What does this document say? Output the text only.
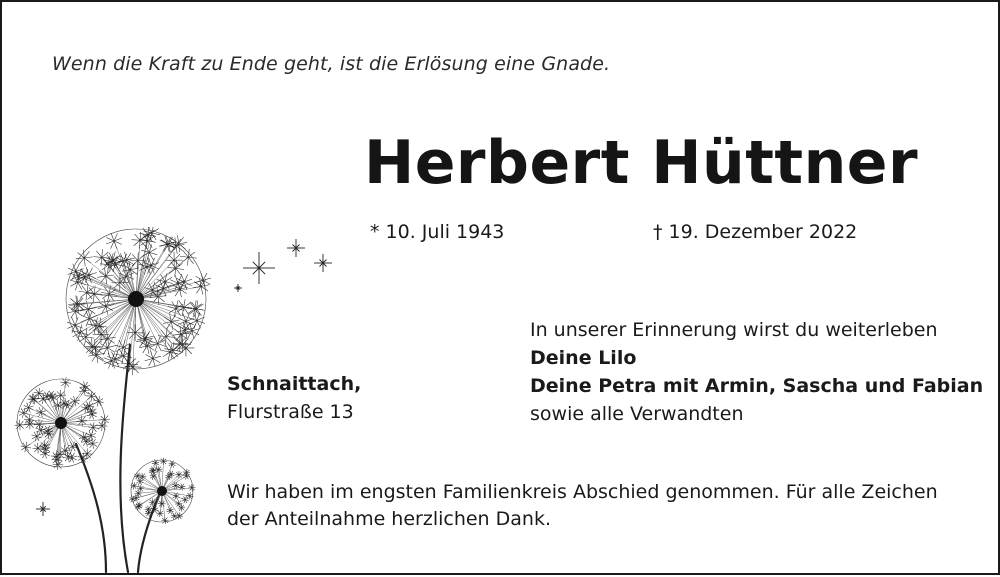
Wenn die Kraft zu Ende geht, ist die Erlösung eine Gnade.
Herbert Hüttner
* 10. Juli 1943	† 19. Dezember 2022
Schnaittach,
Flurstraße 13
In unserer Erinnerung wirst du weiterleben
Deine Lilo
Deine Petra mit Armin, Sascha und Fabian
sowie alle Verwandten
Wir haben im engsten Familienkreis Abschied genommen. Für alle Zeichen der Anteilnahme herzlichen Dank.
